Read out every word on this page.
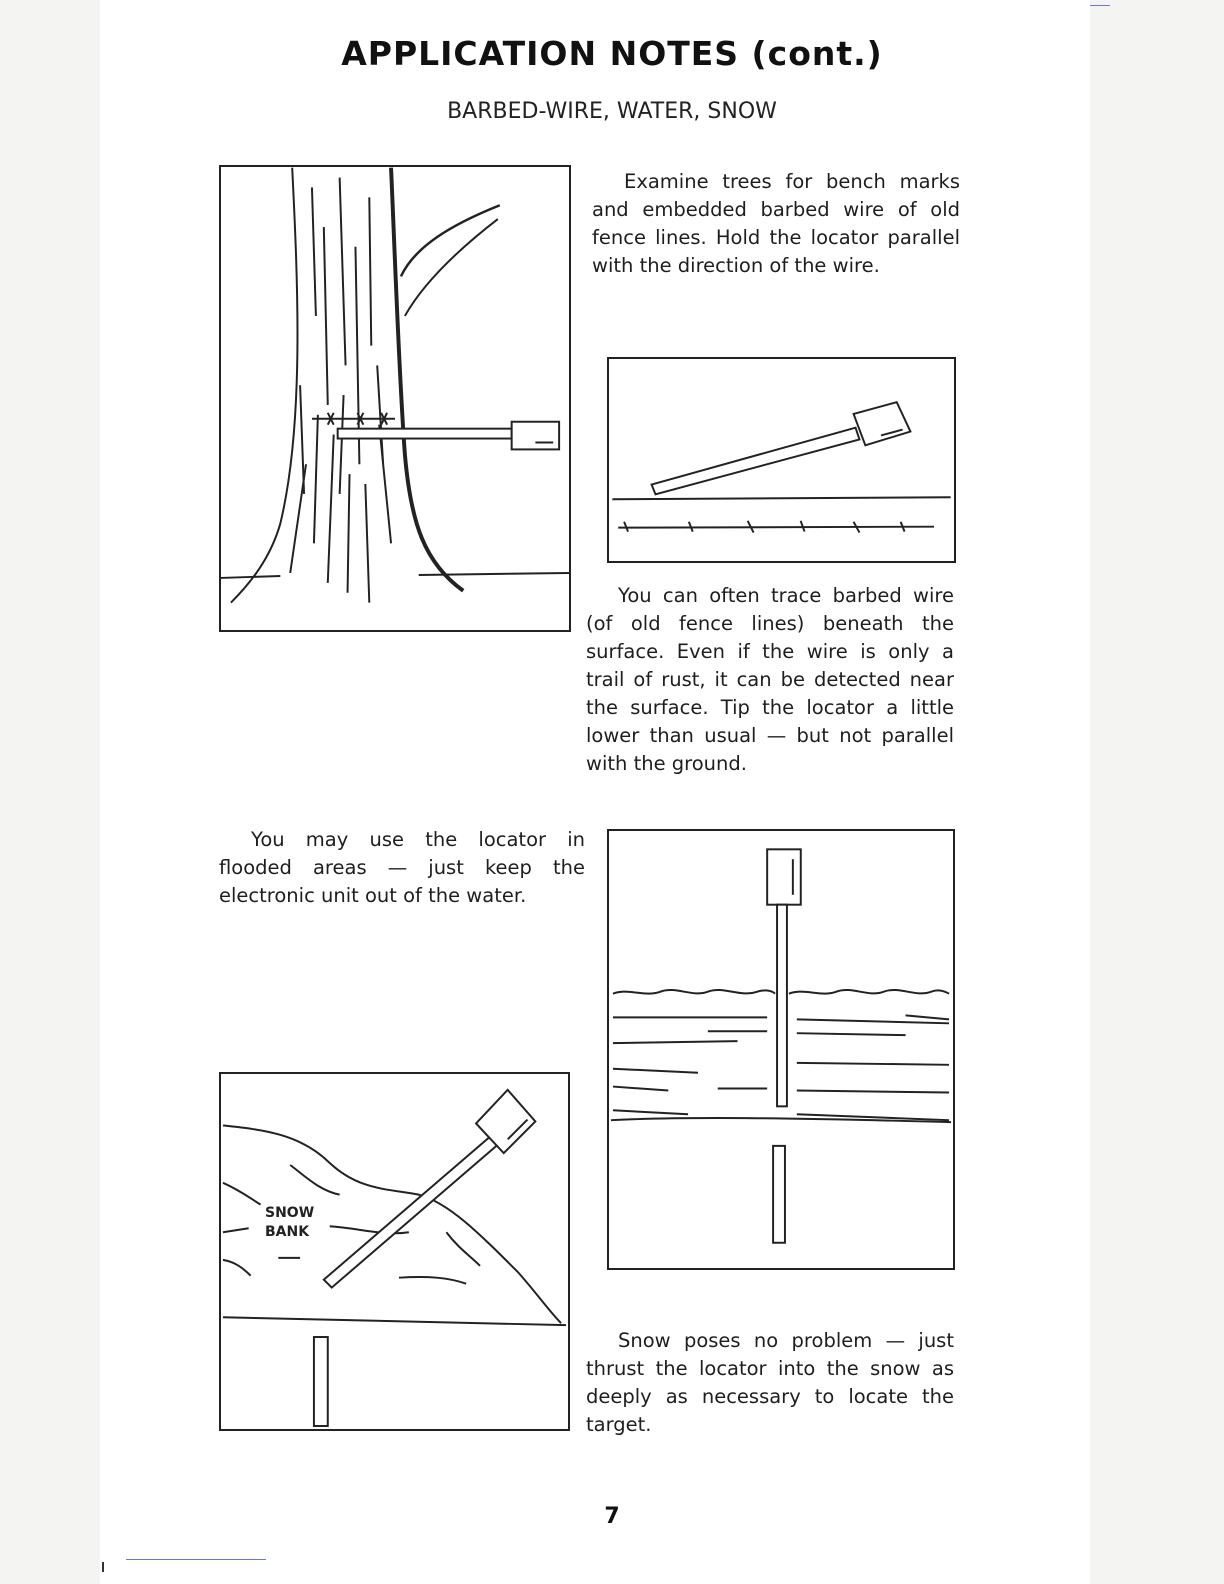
APPLICATION NOTES (cont.)
BARBED-WIRE, WATER, SNOW

Examine trees for bench marks and embedded barbed wire of old fence lines. Hold the locator parallel with the direction of the wire.

You can often trace barbed wire (of old fence lines) beneath the surface. Even if the wire is only a trail of rust, it can be detected near the surface. Tip the locator a little lower than usual — but not parallel with the ground.

You may use the locator in flooded areas — just keep the electronic unit out of the water.

SNOW
BANK

Snow poses no problem — just thrust the locator into the snow as deeply as necessary to locate the target.

7
